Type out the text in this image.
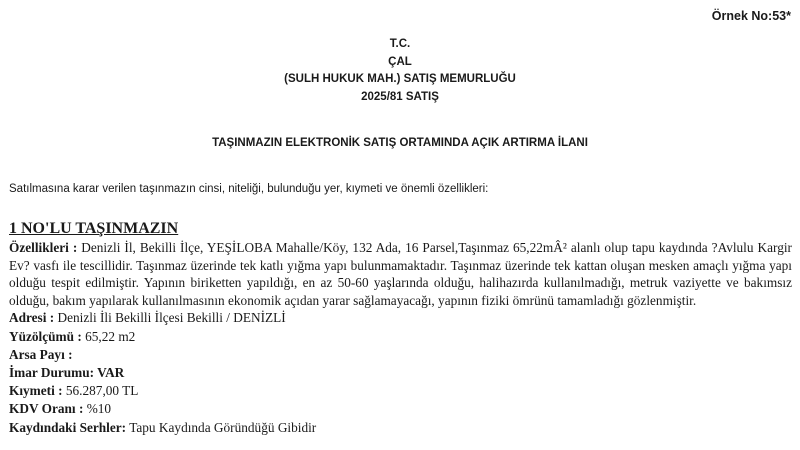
Örnek No:53*
T.C.
ÇAL
(SULH HUKUK MAH.) SATIŞ MEMURLUĞU
2025/81 SATIŞ
TAŞINMAZIN ELEKTRONİK SATIŞ ORTAMINDA AÇIK ARTIRMA İLANI
Satılmasına karar verilen taşınmazın cinsi, niteliği, bulunduğu yer, kıymeti ve önemli özellikleri:
1 NO'LU TAŞINMAZIN

Özellikleri : Denizli İl, Bekilli İlçe, YEŞİLOBA Mahalle/Köy, 132 Ada, 16 Parsel,Taşınmaz 65,22mÂ² alanlı olup tapu kaydında ?Avlulu Kargir Ev? vasfı ile tescillidir. Taşınmaz üzerinde tek katlı yığma yapı bulunmamaktadır. Taşınmaz üzerinde tek kattan oluşan mesken amaçlı yığma yapı olduğu tespit edilmiştir. Yapının biriketten yapıldığı, en az 50-60 yaşlarında olduğu, halihazırda kullanılmadığı, metruk vaziyette ve bakımsız olduğu, bakım yapılarak kullanılmasının ekonomik açıdan yarar sağlamayacağı, yapının fiziki ömrünü tamamladığı gözlenmiştir.

Adresi : Denizli İli Bekilli İlçesi Bekilli / DENİZLİ
Yüzölçümü : 65,22 m2
Arsa Payı :
İmar Durumu: VAR
Kıymeti : 56.287,00 TL
KDV Oranı : %10
Kaydındaki Serhler: Tapu Kaydında Göründüğü Gibidir
